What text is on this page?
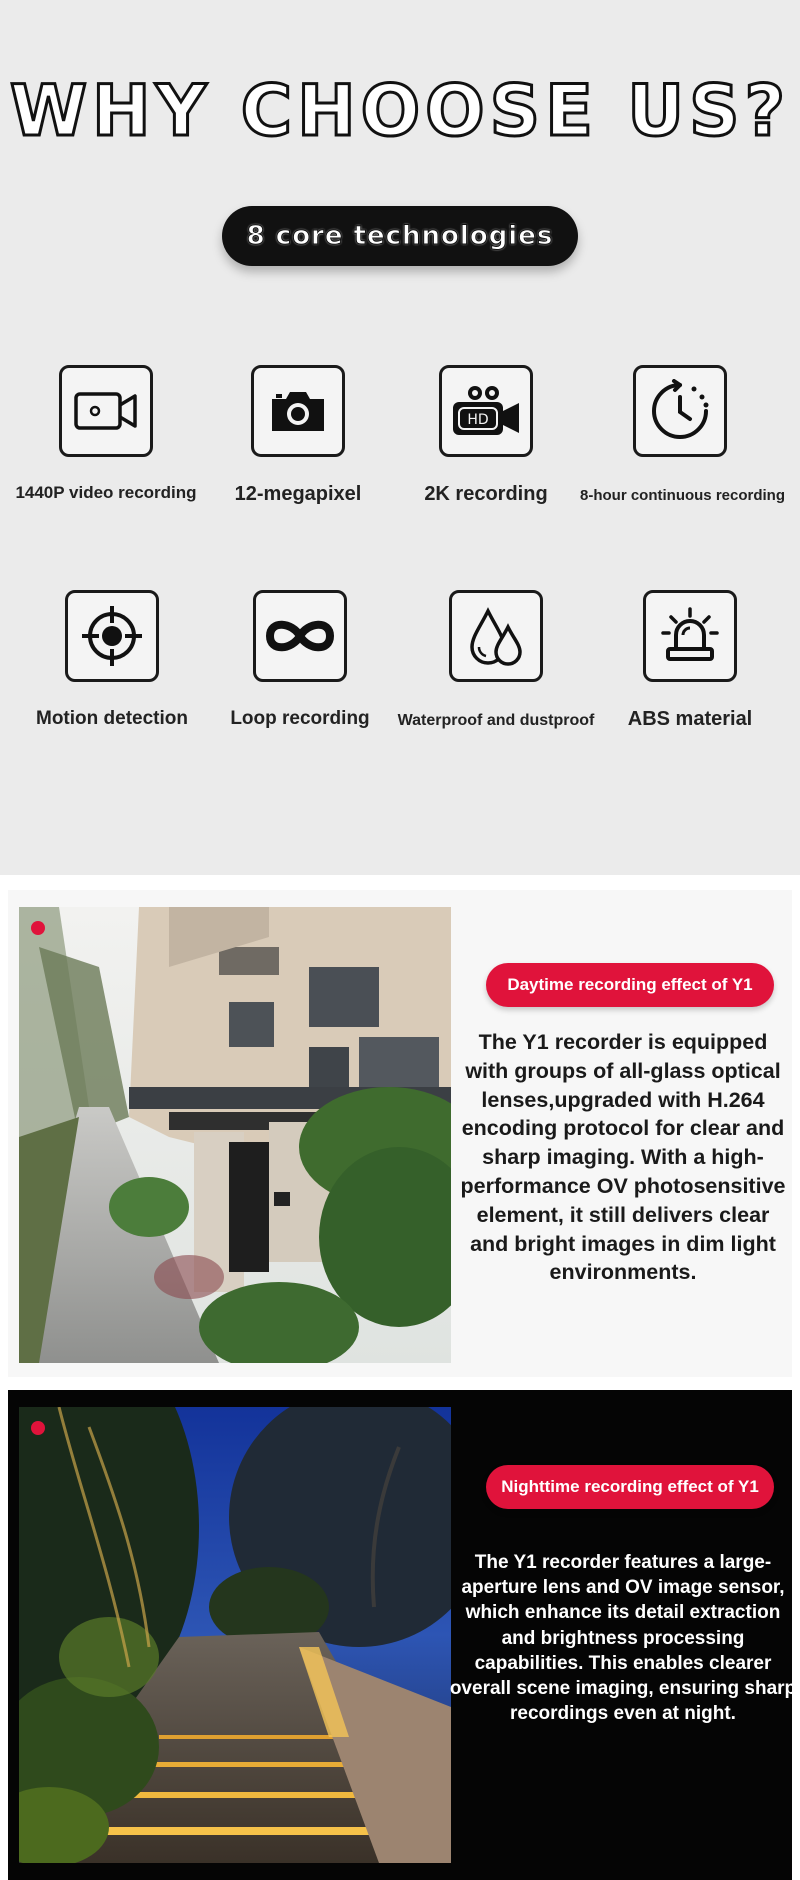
WHY CHOOSE US?
8 core technologies
1440P video recording	12-megapixel
HD
2K recording	8-hour continuous recording
Motion detection	Loop recording	Waterproof and dustproof	ABS material
Daytime recording effect of Y1
The Y1 recorder is equipped with groups of all-glass optical lenses,upgraded with H.264 encoding protocol for clear and sharp imaging. With a high-performance OV photosensitive element, it still delivers clear and bright images in dim light environments.
Nighttime recording effect of Y1
The Y1 recorder features a large-aperture lens and OV image sensor, which enhance its detail extraction and brightness processing capabilities. This enables clearer overall scene imaging, ensuring sharp recordings even at night.
